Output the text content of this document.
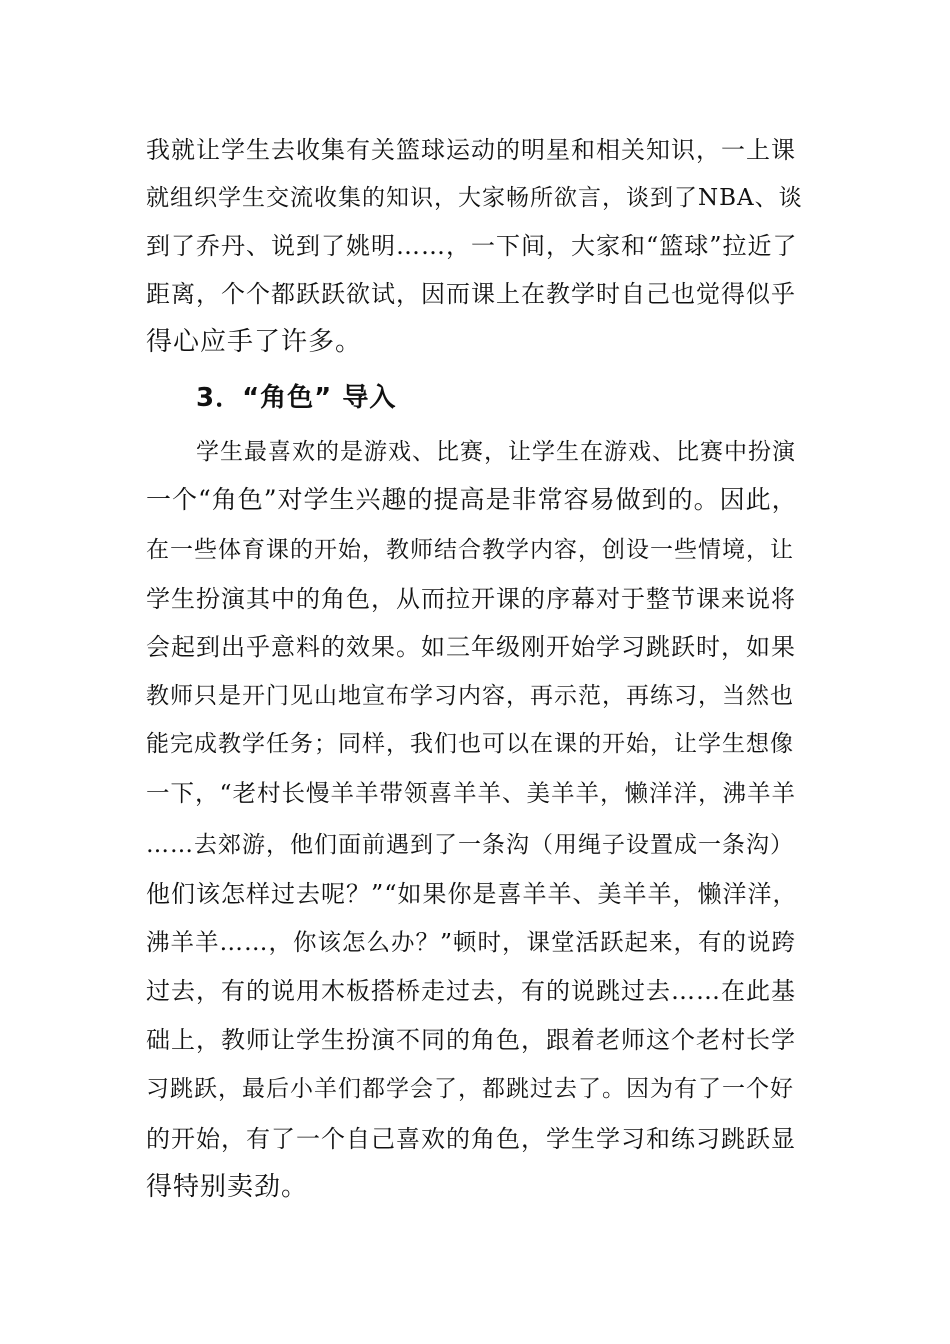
我就让学生去收集有关篮球运动的明星和相关知识，一上课
就组织学生交流收集的知识，大家畅所欲言，谈到了NBA、谈
到了乔丹、说到了姚明……，一下间，大家和“篮球”拉近了
距离，个个都跃跃欲试，因而课上在教学时自己也觉得似乎
得心应手了许多。
3．“角色” 导入
学生最喜欢的是游戏、比赛，让学生在游戏、比赛中扮演
一个“角色”对学生兴趣的提高是非常容易做到的。因此，
在一些体育课的开始，教师结合教学内容，创设一些情境，让
学生扮演其中的角色，从而拉开课的序幕对于整节课来说将
会起到出乎意料的效果。如三年级刚开始学习跳跃时，如果
教师只是开门见山地宣布学习内容，再示范，再练习，当然也
能完成教学任务；同样，我们也可以在课的开始，让学生想像
一下，“老村长慢羊羊带领喜羊羊、美羊羊，懒洋洋，沸羊羊
……去郊游，他们面前遇到了一条沟（用绳子设置成一条沟）
他们该怎样过去呢？”“如果你是喜羊羊、美羊羊，懒洋洋，
沸羊羊……，你该怎么办？”顿时，课堂活跃起来，有的说跨
过去，有的说用木板搭桥走过去，有的说跳过去……在此基
础上，教师让学生扮演不同的角色，跟着老师这个老村长学
习跳跃，最后小羊们都学会了，都跳过去了。因为有了一个好
的开始，有了一个自己喜欢的角色，学生学习和练习跳跃显
得特别卖劲。
